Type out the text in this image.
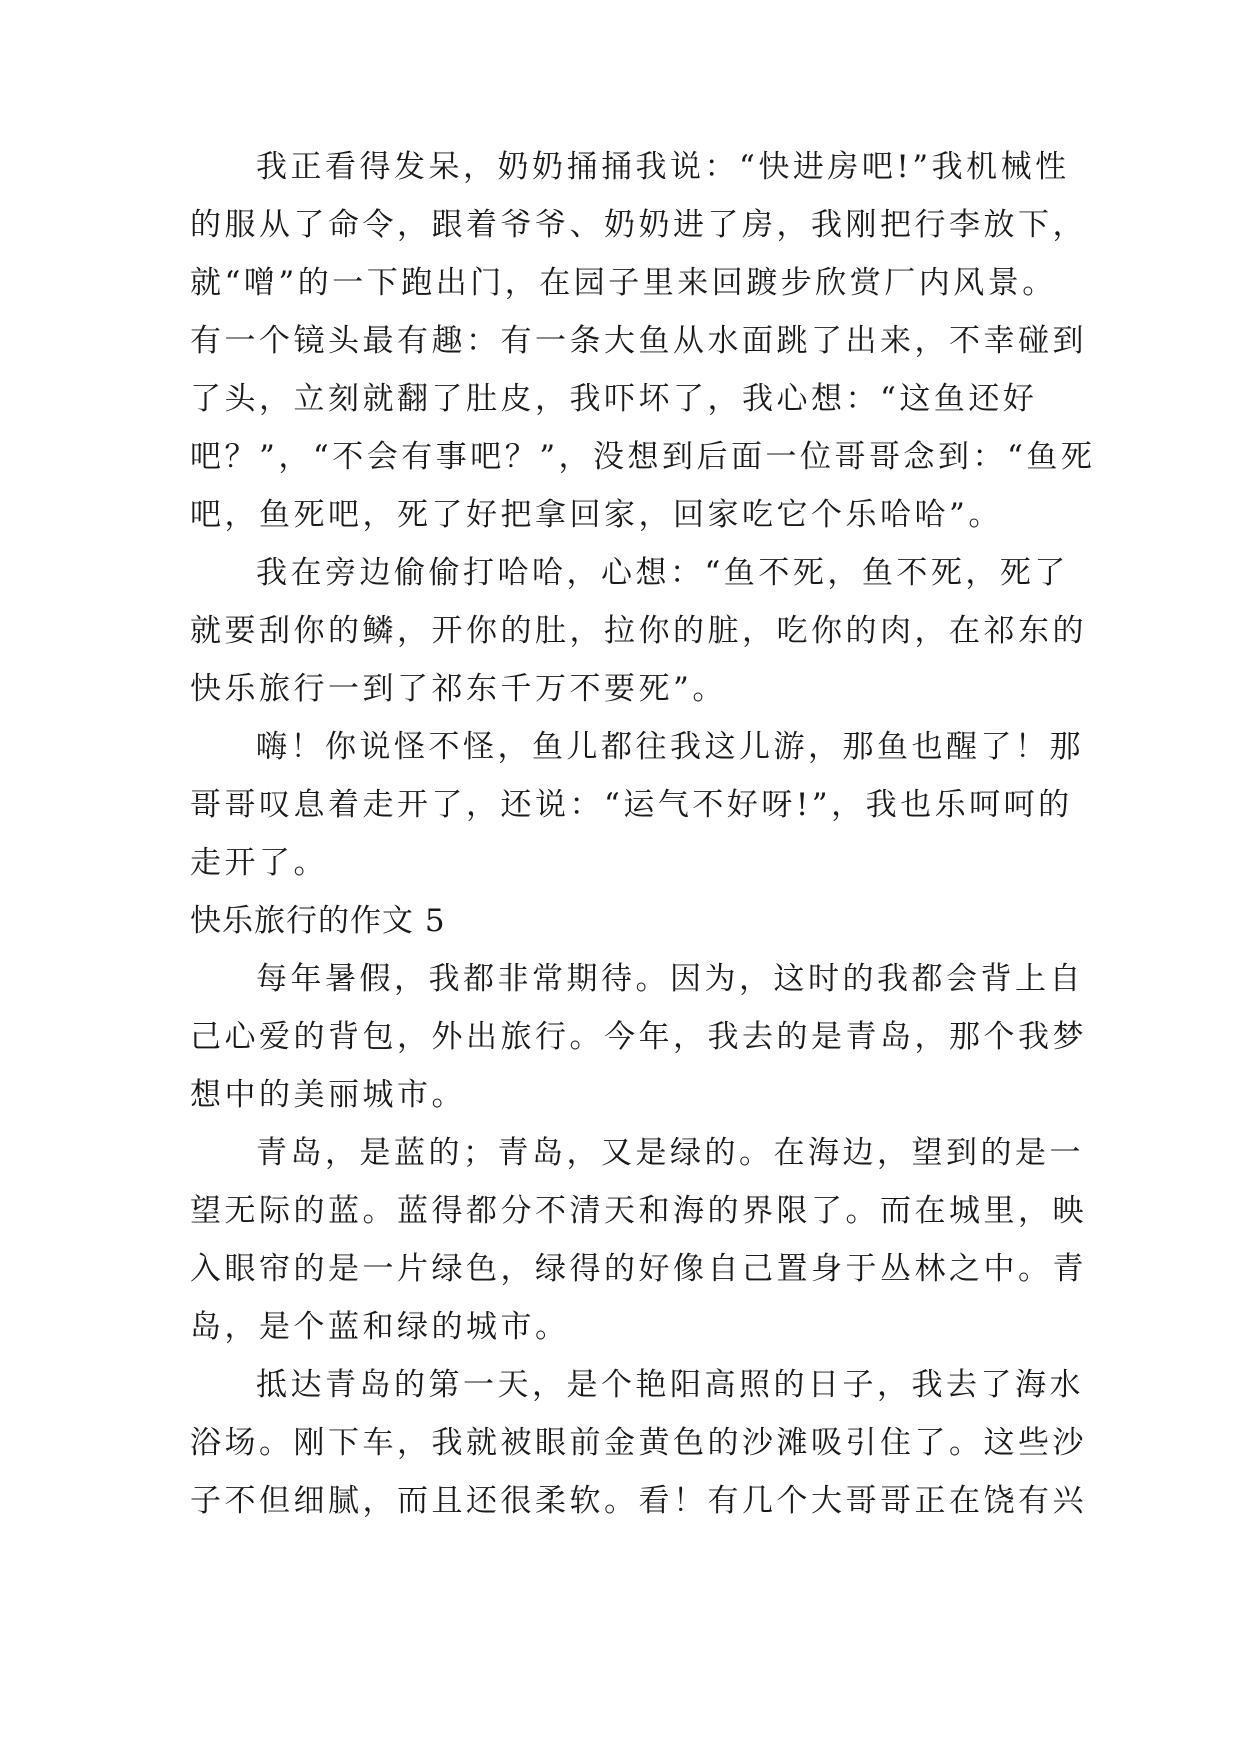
我正看得发呆，奶奶捅捅我说：“快进房吧!”我机械性
的服从了命令，跟着爷爷、奶奶进了房，我刚把行李放下，
就“噌”的一下跑出门，在园子里来回踱步欣赏厂内风景。
有一个镜头最有趣：有一条大鱼从水面跳了出来，不幸碰到
了头，立刻就翻了肚皮，我吓坏了，我心想：“这鱼还好
吧？”，“不会有事吧？”，没想到后面一位哥哥念到：“鱼死
吧，鱼死吧，死了好把拿回家，回家吃它个乐哈哈”。
我在旁边偷偷打哈哈，心想：“鱼不死，鱼不死，死了
就要刮你的鳞，开你的肚，拉你的脏，吃你的肉，在祁东的
快乐旅行一到了祁东千万不要死”。
嗨！你说怪不怪，鱼儿都往我这儿游，那鱼也醒了！那
哥哥叹息着走开了，还说：“运气不好呀!”，我也乐呵呵的
走开了。
快乐旅行的作文 5
每年暑假，我都非常期待。因为，这时的我都会背上自
己心爱的背包，外出旅行。今年，我去的是青岛，那个我梦
想中的美丽城市。
青岛，是蓝的；青岛，又是绿的。在海边，望到的是一
望无际的蓝。蓝得都分不清天和海的界限了。而在城里，映
入眼帘的是一片绿色，绿得的好像自己置身于丛林之中。青
岛，是个蓝和绿的城市。
抵达青岛的第一天，是个艳阳高照的日子，我去了海水
浴场。刚下车，我就被眼前金黄色的沙滩吸引住了。这些沙
子不但细腻，而且还很柔软。看！有几个大哥哥正在饶有兴
